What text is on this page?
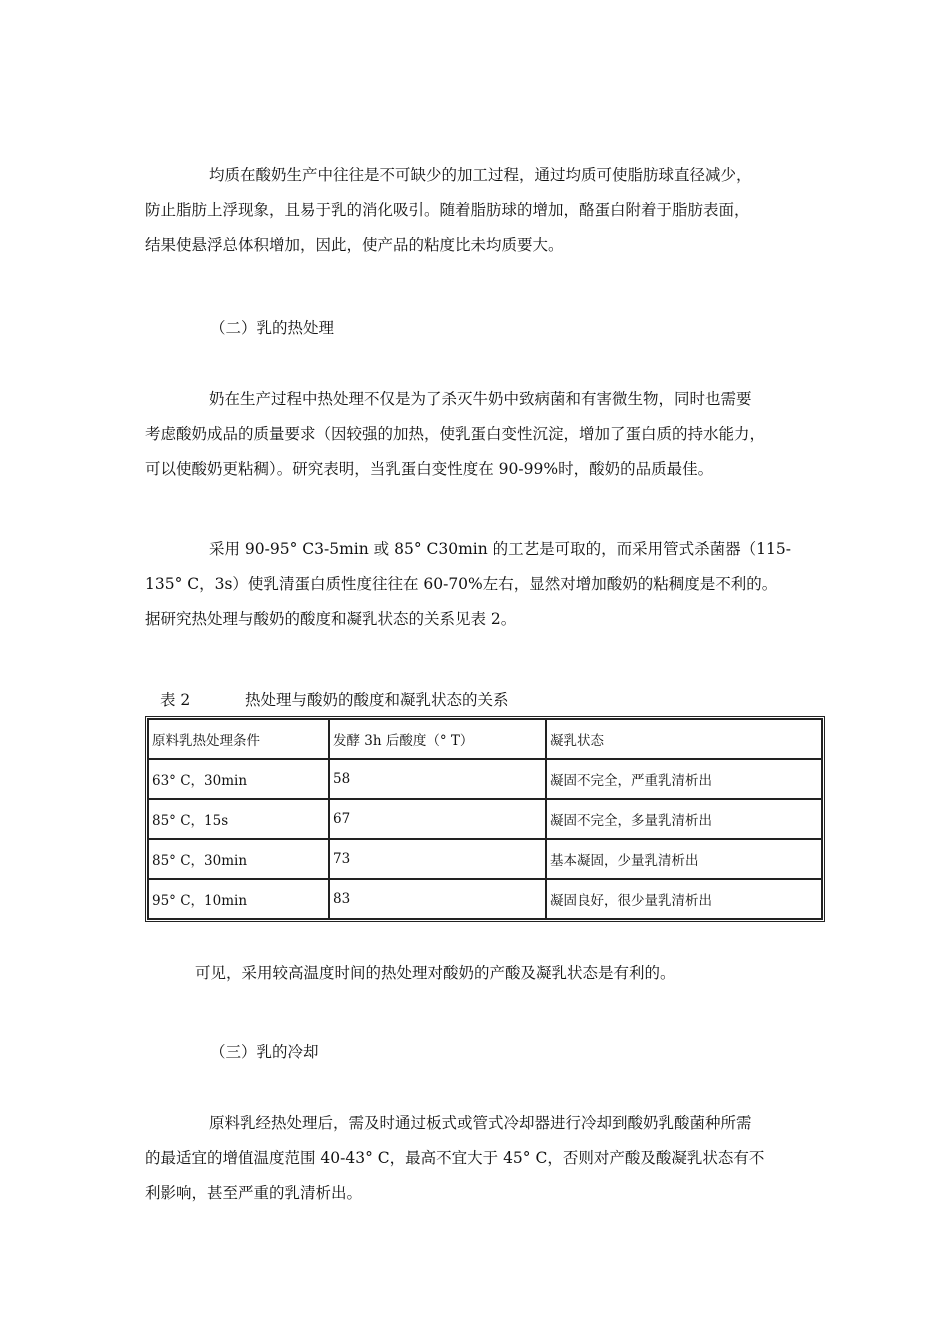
均质在酸奶生产中往往是不可缺少的加工过程，通过均质可使脂肪球直径减少，
防止脂肪上浮现象，且易于乳的消化吸引。随着脂肪球的增加，酪蛋白附着于脂肪表面，
结果使悬浮总体积增加，因此，使产品的粘度比未均质要大。

（二）乳的热处理

奶在生产过程中热处理不仅是为了杀灭牛奶中致病菌和有害微生物，同时也需要
考虑酸奶成品的质量要求（因较强的加热，使乳蛋白变性沉淀，增加了蛋白质的持水能力，
可以使酸奶更粘稠）。研究表明，当乳蛋白变性度在 90-99%时，酸奶的品质最佳。

采用 90-95° C3-5min 或 85° C30min 的工艺是可取的，而采用管式杀菌器（115-
135° C，3s）使乳清蛋白质性度往往在 60-70%左右，显然对增加酸奶的粘稠度是不利的。
据研究热处理与酸奶的酸度和凝乳状态的关系见表 2。

表 2	热处理与酸奶的酸度和凝乳状态的关系
原料乳热处理条件	发酵 3h 后酸度（° T）	凝乳状态
63° C，30min	58	凝固不完全，严重乳清析出
85° C，15s	67	凝固不完全，多量乳清析出
85° C，30min	73	基本凝固，少量乳清析出
95° C，10min	83	凝固良好，很少量乳清析出

可见，采用较高温度时间的热处理对酸奶的产酸及凝乳状态是有利的。

（三）乳的冷却

原料乳经热处理后，需及时通过板式或管式冷却器进行冷却到酸奶乳酸菌种所需
的最适宜的增值温度范围 40-43° C，最高不宜大于 45° C，否则对产酸及酸凝乳状态有不
利影响，甚至严重的乳清析出。
